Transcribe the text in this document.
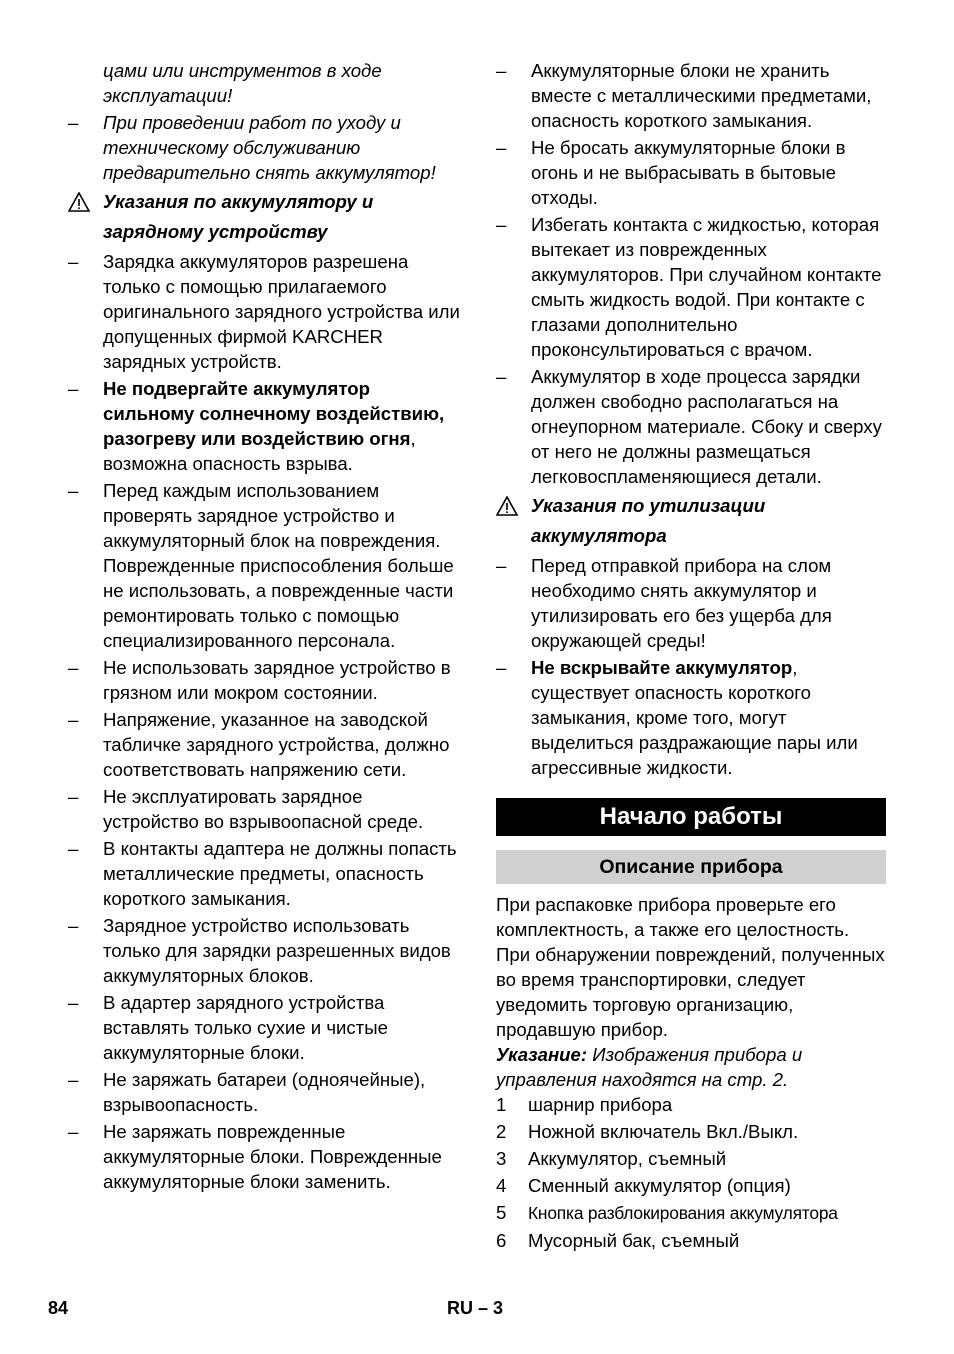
цами или инструментов в ходе эксплуатации!

– При проведении работ по уходу и техническому обслуживанию предварительно снять аккумулятор!
Указания по аккумулятору и зарядному устройству
– Зарядка аккумуляторов разрешена только с помощью прилагаемого оригинального зарядного устройства или допущенных фирмой KARCHER зарядных устройств.
– Не подвергайте аккумулятор сильному солнечному воздействию, разогреву или воздействию огня, возможна опасность взрыва.
– Перед каждым использованием проверять зарядное устройство и аккумуляторный блок на повреждения. Поврежденные приспособления больше не использовать, а поврежденные части ремонтировать только с помощью специализированного персонала.
– Не использовать зарядное устройство в грязном или мокром состоянии.
– Напряжение, указанное на заводской табличке зарядного устройства, должно соответствовать напряжению сети.
– Не эксплуатировать зарядное устройство во взрывоопасной среде.
– В контакты адаптера не должны попасть металлические предметы, опасность короткого замыкания.
– Зарядное устройство использовать только для зарядки разрешенных видов аккумуляторных блоков.
– В адартер зарядного устройства вставлять только сухие и чистые аккумуляторные блоки.
– Не заряжать батареи (одноячейные), взрывоопасность.
– Не заряжать поврежденные аккумуляторные блоки. Поврежденные аккумуляторные блоки заменить.
– Аккумуляторные блоки не хранить вместе с металлическими предметами, опасность короткого замыкания.
– Не бросать аккумуляторные блоки в огонь и не выбрасывать в бытовые отходы.
– Избегать контакта с жидкостью, которая вытекает из поврежденных аккумуляторов. При случайном контакте смыть жидкость водой. При контакте с глазами дополнительно проконсультироваться с врачом.
– Аккумулятор в ходе процесса зарядки должен свободно располагаться на огнеупорном материале. Сбоку и сверху от него не должны размещаться легковоспламеняющиеся детали.
Указания по утилизации аккумулятора
– Перед отправкой прибора на слом необходимо снять аккумулятор и утилизировать его без ущерба для окружающей среды!
– Не вскрывайте аккумулятор, существует опасность короткого замыкания, кроме того, могут выделиться раздражающие пары или агрессивные жидкости.
Начало работы
Описание прибора

При распаковке прибора проверьте его комплектность, а также его целостность. При обнаружении повреждений, полученных во время транспортировки, следует уведомить торговую организацию, продавшую прибор.

Указание: Изображения прибора и управления находятся на стр. 2.

1 шарнир прибора
2 Ножной включатель Вкл./Выкл.
3 Аккумулятор, съемный
4 Сменный аккумулятор (опция)
5 Кнопка разблокирования аккумулятора
6 Мусорный бак, съемный
84	RU – 3
